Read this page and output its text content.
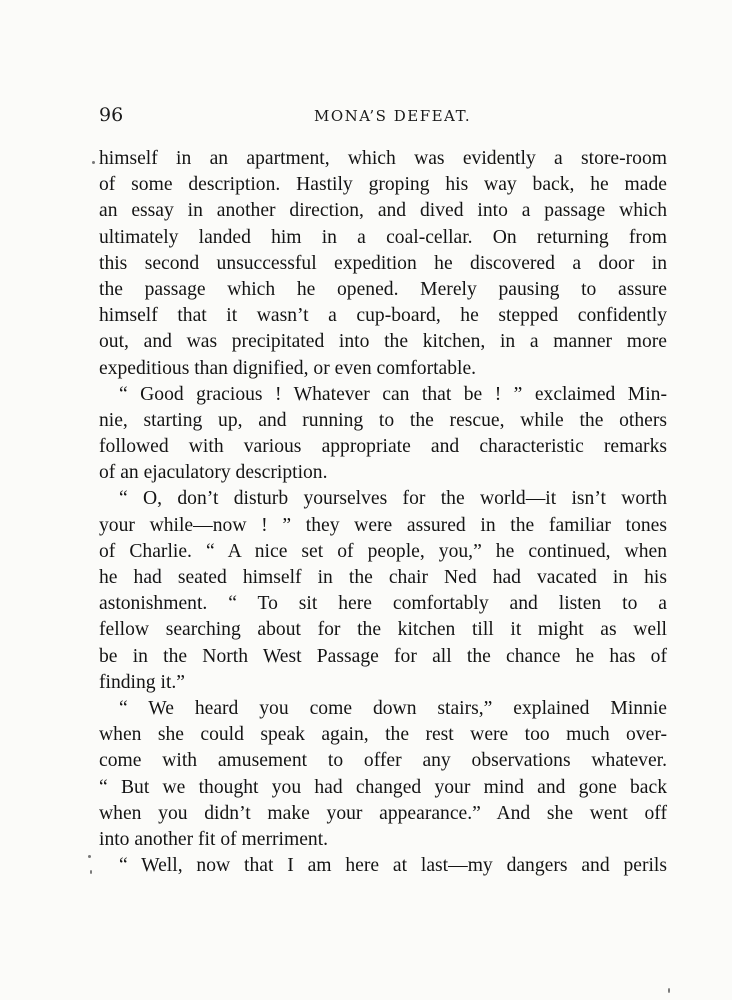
96	MONA’S DEFEAT.
himself in an apartment, which was evidently a store-room
of some description. Hastily groping his way back, he made
an essay in another direction, and dived into a passage which
ultimately landed him in a coal-cellar. On returning from
this second unsuccessful expedition he discovered a door in
the passage which he opened. Merely pausing to assure
himself that it wasn’t a cup-board, he stepped confidently
out, and was precipitated into the kitchen, in a manner more
expeditious than dignified, or even comfortable.
“ Good gracious ! Whatever can that be ! ” exclaimed Min-
nie, starting up, and running to the rescue, while the others
followed with various appropriate and characteristic remarks
of an ejaculatory description.
“ O, don’t disturb yourselves for the world—it isn’t worth
your while—now ! ” they were assured in the familiar tones
of Charlie. “ A nice set of people, you,” he continued, when
he had seated himself in the chair Ned had vacated in his
astonishment. “ To sit here comfortably and listen to a
fellow searching about for the kitchen till it might as well
be in the North West Passage for all the chance he has of
finding it.”
“ We heard you come down stairs,” explained Minnie
when she could speak again, the rest were too much over-
come with amusement to offer any observations whatever.
“ But we thought you had changed your mind and gone back
when you didn’t make your appearance.” And she went off
into another fit of merriment.
“ Well, now that I am here at last—my dangers and perils
